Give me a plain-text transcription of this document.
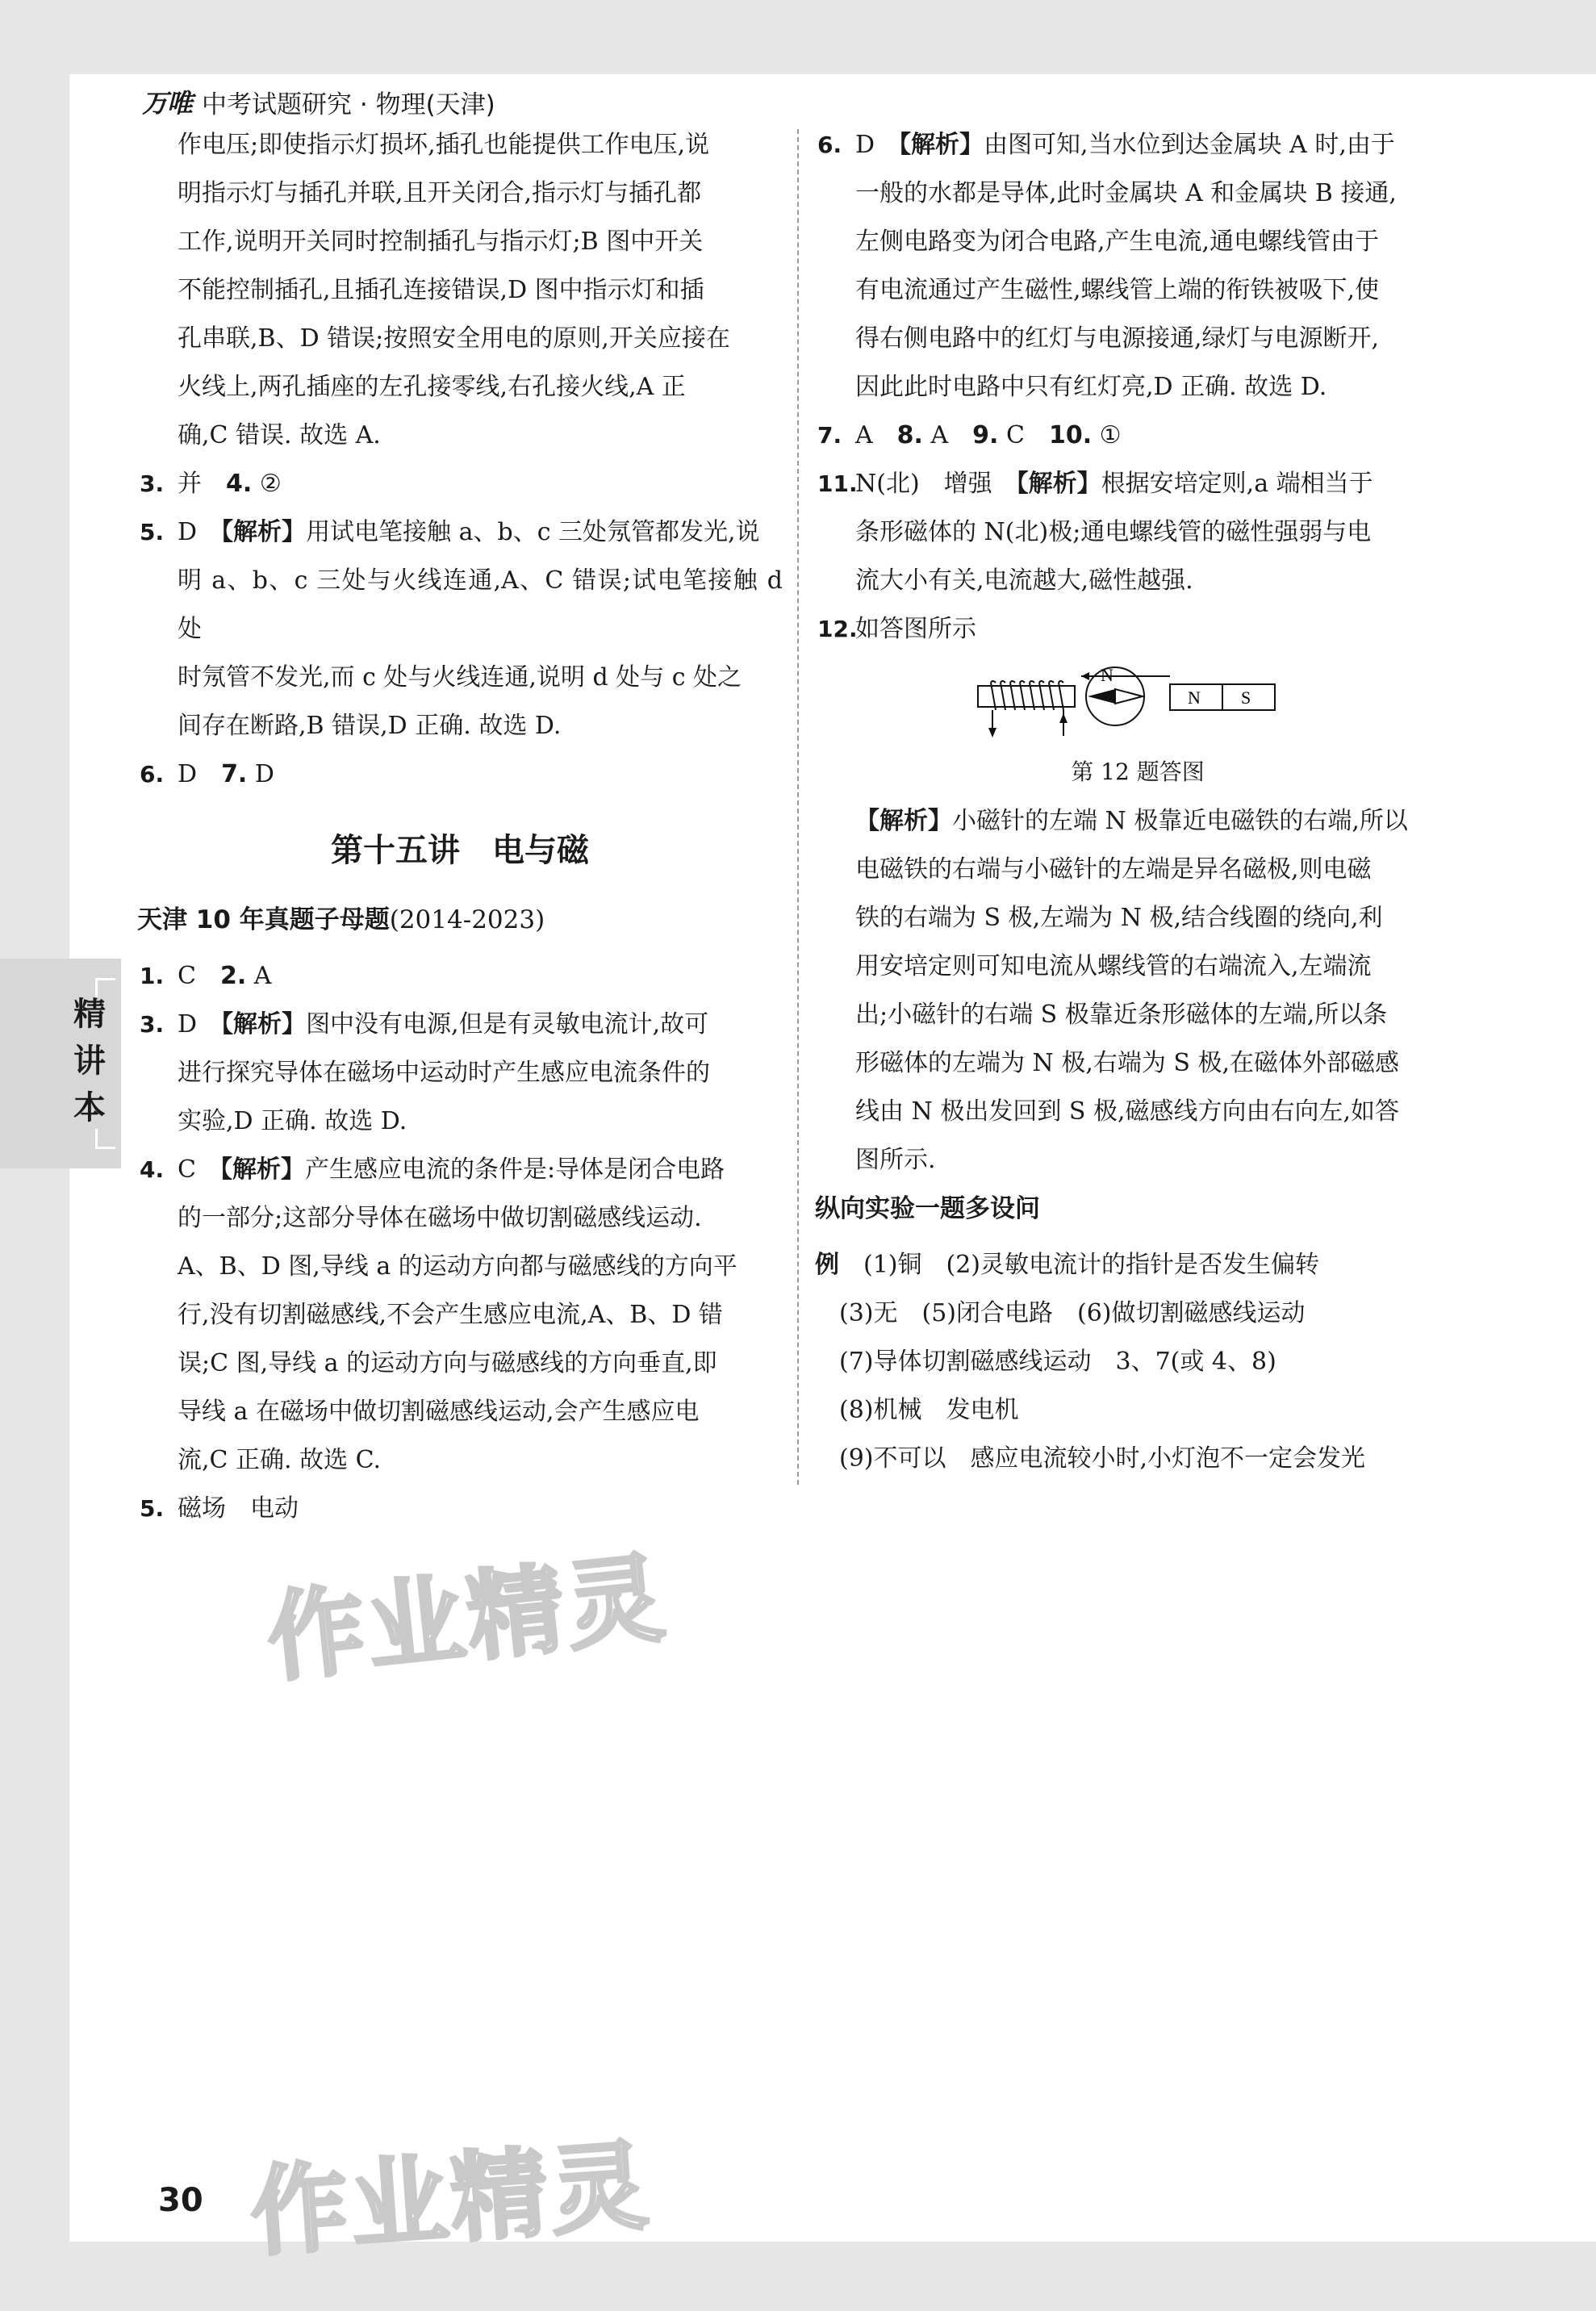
万唯 中考试题研究 · 物理(天津)
精讲本
作电压;即使指示灯损坏,插孔也能提供工作电压,说
明指示灯与插孔并联,且开关闭合,指示灯与插孔都
工作,说明开关同时控制插孔与指示灯;B 图中开关
不能控制插孔,且插孔连接错误,D 图中指示灯和插
孔串联,B、D 错误;按照安全用电的原则,开关应接在
火线上,两孔插座的左孔接零线,右孔接火线,A 正
确,C 错误. 故选 A.
3. 并　 4. ②
5. D　 【解析】用试电笔接触 a、b、c 三处氖管都发光,说
明 a、b、c 三处与火线连通,A、C 错误;试电笔接触 d 处
时氖管不发光,而 c 处与火线连通,说明 d 处与 c 处之
间存在断路,B 错误,D 正确. 故选 D.
6. D　 7. D
第十五讲　电与磁
天津 10 年真题子母题(2014-2023)
1. C　 2. A
3. D　 【解析】图中没有电源,但是有灵敏电流计,故可
进行探究导体在磁场中运动时产生感应电流条件的
实验,D 正确. 故选 D.
4. C　 【解析】产生感应电流的条件是:导体是闭合电路
的一部分;这部分导体在磁场中做切割磁感线运动.
A、B、D 图,导线 a 的运动方向都与磁感线的方向平
行,没有切割磁感线,不会产生感应电流,A、B、D 错
误;C 图,导线 a 的运动方向与磁感线的方向垂直,即
导线 a 在磁场中做切割磁感线运动,会产生感应电
流,C 正确. 故选 C.
5. 磁场　 电动
6. D　 【解析】由图可知,当水位到达金属块 A 时,由于
一般的水都是导体,此时金属块 A 和金属块 B 接通,
左侧电路变为闭合电路,产生电流,通电螺线管由于
有电流通过产生磁性,螺线管上端的衔铁被吸下,使
得右侧电路中的红灯与电源接通,绿灯与电源断开,
因此此时电路中只有红灯亮,D 正确. 故选 D.
7. A　 8. A　 9. C　 10. ①
11.
N(北)　增强　 【解析】根据安培定则,a 端相当于
条形磁体的 N(北)极;通电螺线管的磁性强弱与电
流大小有关,电流越大,磁性越强.
12.
如答图所示
N
N S
第 12 题答图
【解析】小磁针的左端 N 极靠近电磁铁的右端,所以
电磁铁的右端与小磁针的左端是异名磁极,则电磁
铁的右端为 S 极,左端为 N 极,结合线圈的绕向,利
用安培定则可知电流从螺线管的右端流入,左端流
出;小磁针的右端 S 极靠近条形磁体的左端,所以条
形磁体的左端为 N 极,右端为 S 极,在磁体外部磁感
线由 N 极出发回到 S 极,磁感线方向由右向左,如答
图所示.
纵向实验一题多设问
例　 (1)铜　(2)灵敏电流计的指针是否发生偏转
(3)无　(5)闭合电路　(6)做切割磁感线运动
(7)导体切割磁感线运动　3、7(或 4、8)
(8)机械　发电机
(9)不可以　感应电流较小时,小灯泡不一定会发光
作业精灵
作业精灵
30
